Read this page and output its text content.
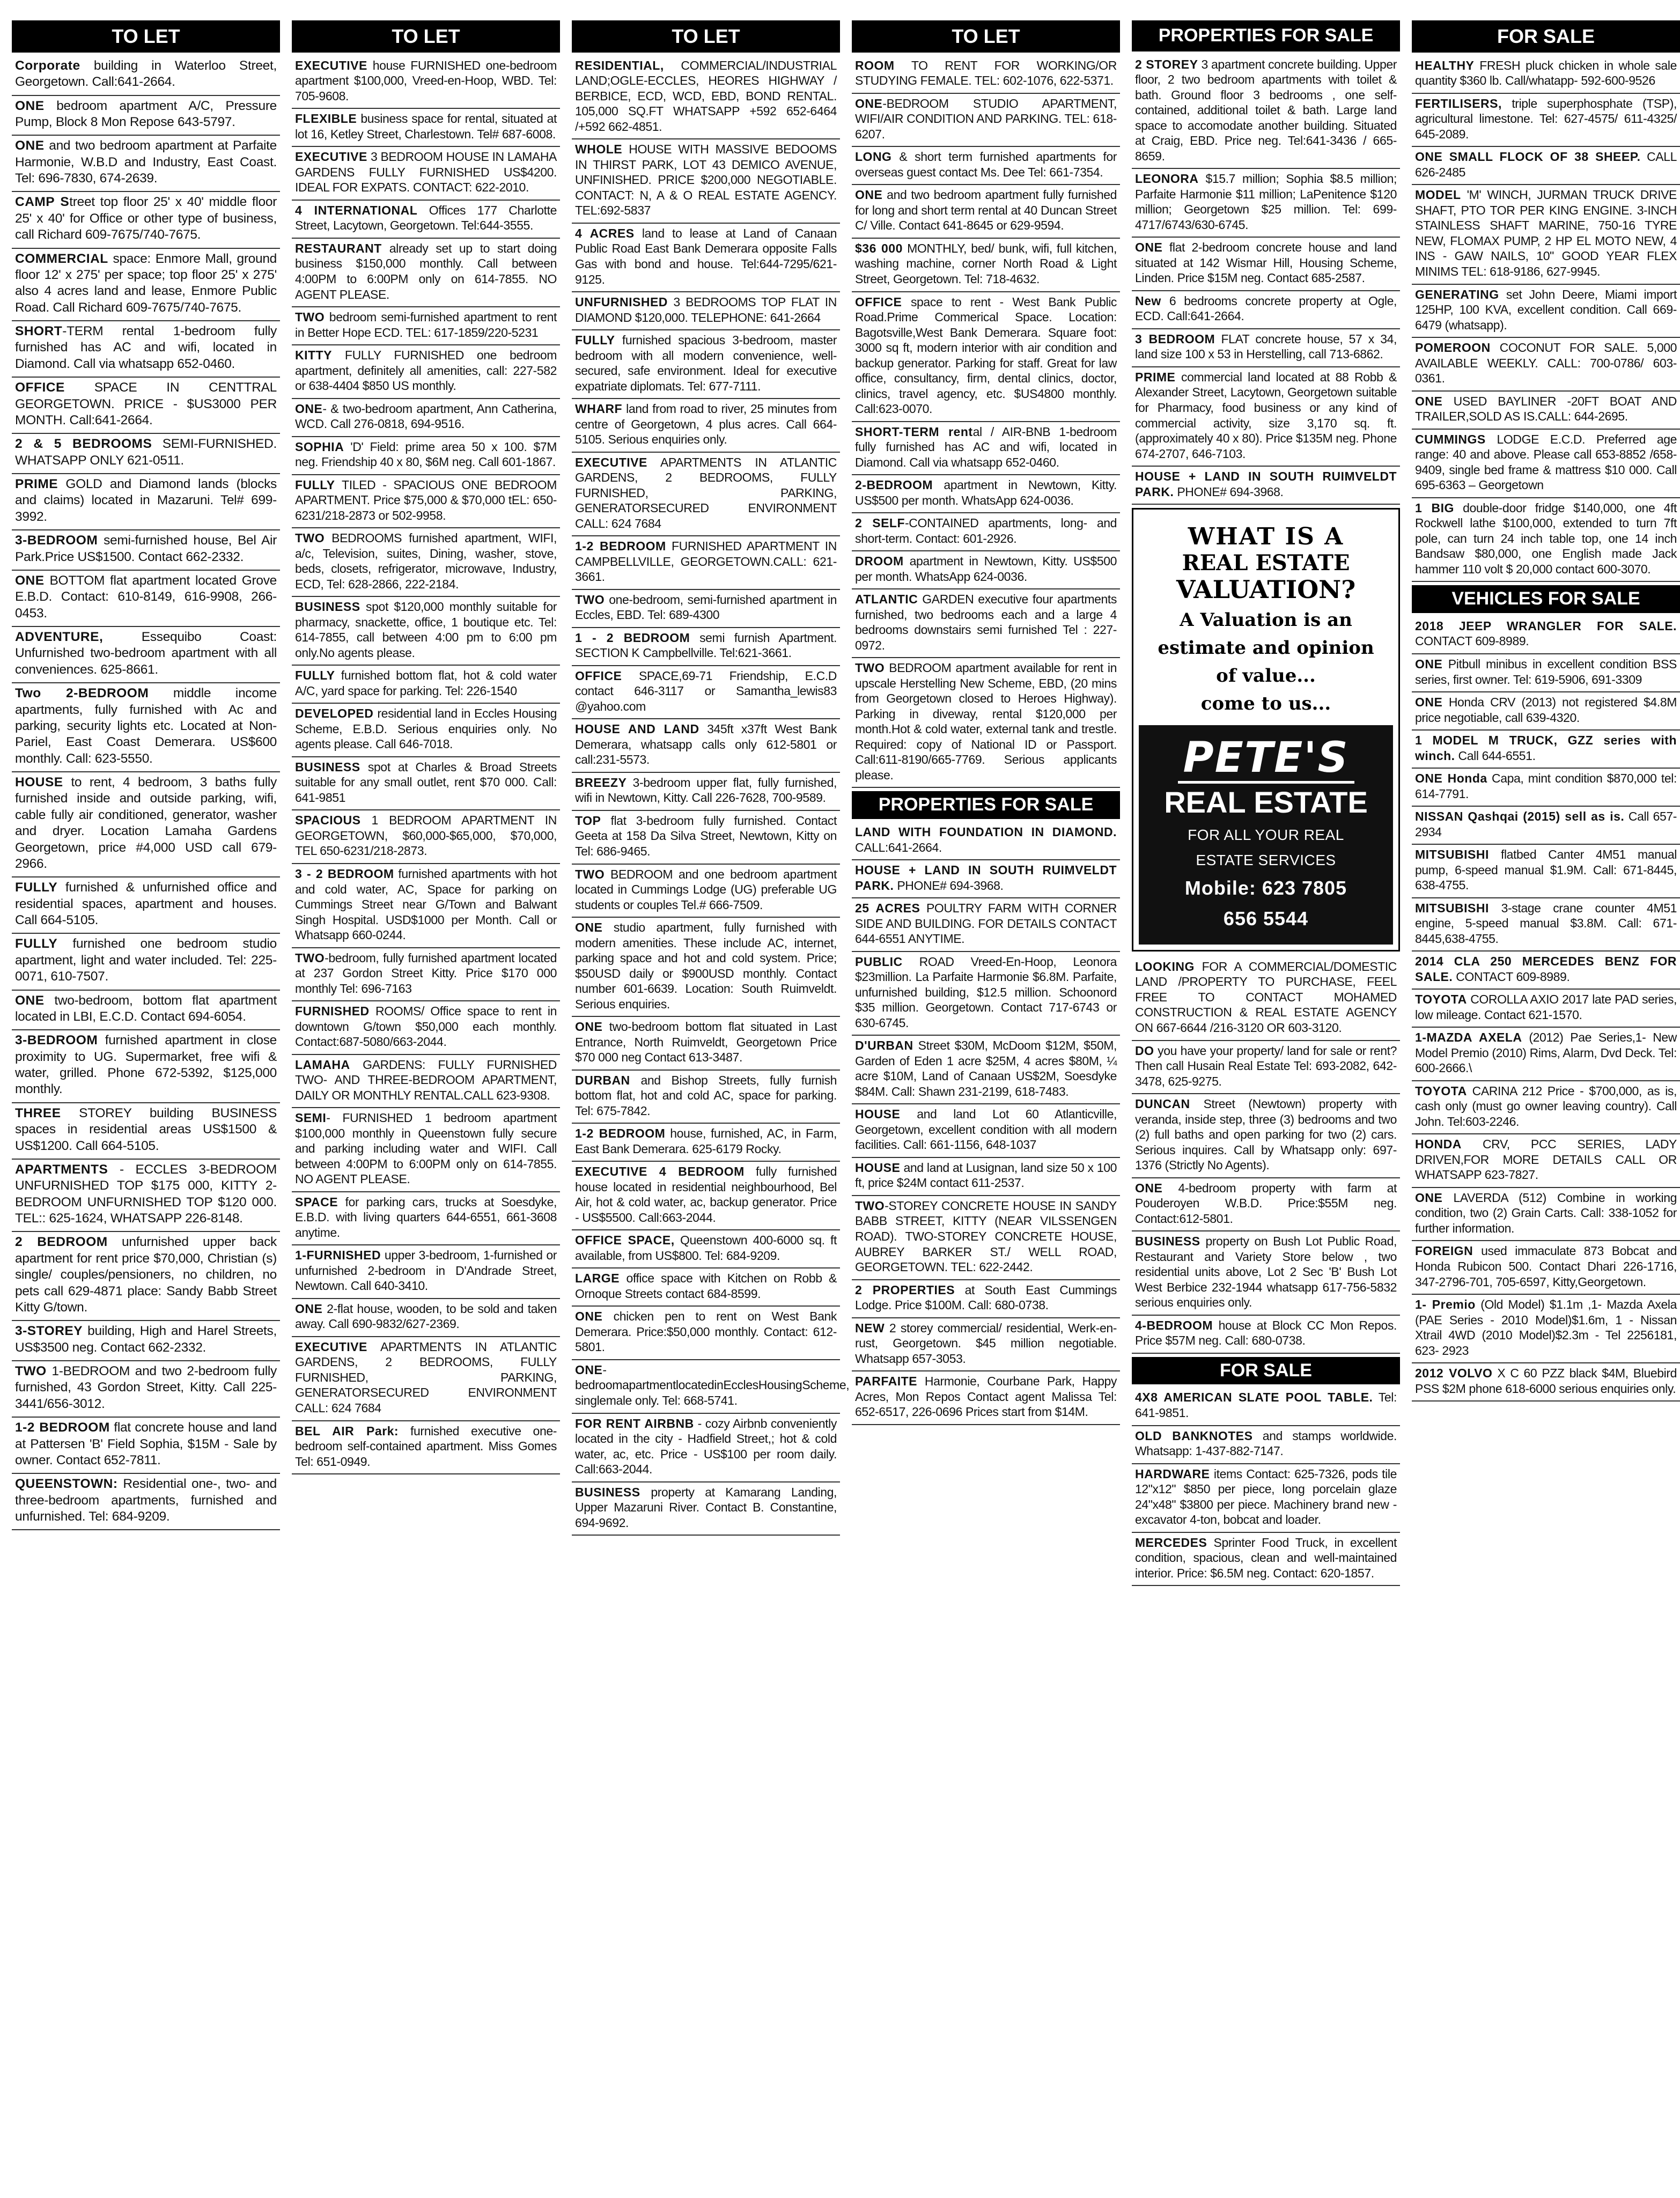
TO LET
Corporate building in Waterloo Street, Georgetown. Call:641-2664.
ONE bedroom apartment A/C, Pressure Pump, Block 8 Mon Repose 643-5797.
ONE and two bedroom apartment at Parfaite Harmonie, W.B.D and Industry, East Coast. Tel: 696-7830, 674-2639.
CAMP Street top floor 25' x 40' middle floor 25' x 40' for Office or other type of business, call Richard 609-7675/740-7675.
COMMERCIAL space: Enmore Mall, ground floor 12' x 275' per space; top floor 25' x 275' also 4 acres land and lease, Enmore Public Road. Call Richard 609-7675/740-7675.
SHORT-TERM rental 1-bedroom fully furnished has AC and wifi, located in Diamond. Call via whatsapp 652-0460.
OFFICE SPACE IN CENTTRAL GEORGETOWN. PRICE - $US3000 PER MONTH. Call:641-2664.
2 & 5 BEDROOMS SEMI-FURNISHED. WHATSAPP ONLY 621-0511.
PRIME GOLD and Diamond lands (blocks and claims) located in Mazaruni. Tel# 699-3992.
3-BEDROOM semi-furnished house, Bel Air Park.Price US$1500. Contact 662-2332.
ONE BOTTOM flat apartment located Grove E.B.D. Contact: 610-8149, 616-9908, 266-0453.
ADVENTURE, Essequibo Coast: Unfurnished two-bedroom apartment with all conveniences. 625-8661.
Two 2-BEDROOM middle income apartments, fully furnished with Ac and parking, security lights etc. Located at Non-Pariel, East Coast Demerara. US$600 monthly. Call: 623-5550.
HOUSE to rent, 4 bedroom, 3 baths fully furnished inside and outside parking, wifi, cable fully air conditioned, generator, washer and dryer. Location Lamaha Gardens Georgetown, price #4,000 USD call 679-2966.
FULLY furnished & unfurnished office and residential spaces, apartment and houses. Call 664-5105.
FULLY furnished one bedroom studio apartment, light and water included. Tel: 225-0071, 610-7507.
ONE two-bedroom, bottom flat apartment located in LBI, E.C.D. Contact 694-6054.
3-BEDROOM furnished apartment in close proximity to UG. Supermarket, free wifi & water, grilled. Phone 672-5392, $125,000 monthly.
THREE STOREY building BUSINESS spaces in residential areas US$1500 & US$1200. Call 664-5105.
APARTMENTS - ECCLES 3-BEDROOM UNFURNISHED TOP $175 000, KITTY 2-BEDROOM UNFURNISHED TOP $120 000. TEL:: 625-1624, WHATSAPP 226-8148.
2 BEDROOM unfurnished upper back apartment for rent price $70,000, Christian (s) single/ couples/pensioners, no children, no pets call 629-4871 place: Sandy Babb Street Kitty G/town.
3-STOREY building, High and Harel Streets, US$3500 neg. Contact 662-2332.
TWO 1-BEDROOM and two 2-bedroom fully furnished, 43 Gordon Street, Kitty. Call 225-3441/656-3012.
1-2 BEDROOM flat concrete house and land at Pattersen 'B' Field Sophia, $15M - Sale by owner. Contact 652-7811.
QUEENSTOWN: Residential one-, two- and three-bedroom apartments, furnished and unfurnished. Tel: 684-9209.
TO LET
EXECUTIVE house FURNISHED one-bedroom apartment $100,000, Vreed-en-Hoop, WBD. Tel: 705-9608.
FLEXIBLE business space for rental, situated at lot 16, Ketley Street, Charlestown. Tel# 687-6008.
EXECUTIVE 3 BEDROOM HOUSE IN LAMAHA GARDENS FULLY FURNISHED US$4200. IDEAL FOR EXPATS. CONTACT: 622-2010.
4 INTERNATIONAL Offices 177 Charlotte Street, Lacytown, Georgetown. Tel:644-3555.
RESTAURANT already set up to start doing business $150,000 monthly. Call between 4:00PM to 6:00PM only on 614-7855. NO AGENT PLEASE.
TWO bedroom semi-furnished apartment to rent in Better Hope ECD. TEL: 617-1859/220-5231
KITTY FULLY FURNISHED one bedroom apartment, definitely all amenities, call: 227-582 or 638-4404 $850 US monthly.
ONE- & two-bedroom apartment, Ann Catherina, WCD. Call 276-0818, 694-9516.
SOPHIA 'D' Field: prime area 50 x 100. $7M neg. Friendship 40 x 80, $6M neg. Call 601-1867.
FULLY TILED - SPACIOUS ONE BEDROOM APARTMENT. Price $75,000 & $70,000 tEL: 650-6231/218-2873 or 502-9958.
TWO BEDROOMS furnished apartment, WIFI, a/c, Television, suites, Dining, washer, stove, beds, closets, refrigerator, microwave, Industry, ECD, Tel: 628-2866, 222-2184.
BUSINESS spot $120,000 monthly suitable for pharmacy, snackette, office, 1 boutique etc. Tel: 614-7855, call between 4:00 pm to 6:00 pm only.No agents please.
FULLY furnished bottom flat, hot & cold water A/C, yard space for parking. Tel: 226-1540
DEVELOPED residential land in Eccles Housing Scheme, E.B.D. Serious enquiries only. No agents please. Call 646-7018.
BUSINESS spot at Charles & Broad Streets suitable for any small outlet, rent $70 000. Call: 641-9851
SPACIOUS 1 BEDROOM APARTMENT IN GEORGETOWN, $60,000-$65,000, $70,000, TEL 650-6231/218-2873.
3 - 2 BEDROOM furnished apartments with hot and cold water, AC, Space for parking on Cummings Street near G/Town and Balwant Singh Hospital. USD$1000 per Month. Call or Whatsapp 660-0244.
TWO-bedroom, fully furnished apartment located at 237 Gordon Street Kitty. Price $170 000 monthly Tel: 696-7163
FURNISHED ROOMS/ Office space to rent in downtown G/town $50,000 each monthly. Contact:687-5080/663-2044.
LAMAHA GARDENS: FULLY FURNISHED TWO- AND THREE-BEDROOM APARTMENT, DAILY OR MONTHLY RENTAL.CALL 623-9308.
SEMI- FURNISHED 1 bedroom apartment $100,000 monthly in Queenstown fully secure and parking including water and WIFI. Call between 4:00PM to 6:00PM only on 614-7855. NO AGENT PLEASE.
SPACE for parking cars, trucks at Soesdyke, E.B.D. with living quarters 644-6551, 661-3608 anytime.
1-FURNISHED upper 3-bedroom, 1-furnished or unfurnished 2-bedroom in D'Andrade Street, Newtown. Call 640-3410.
ONE 2-flat house, wooden, to be sold and taken away. Call 690-9832/627-2369.
EXECUTIVE APARTMENTS IN ATLANTIC GARDENS, 2 BEDROOMS, FULLY FURNISHED, PARKING, GENERATORSECURED ENVIRONMENT CALL: 624 7684
BEL AIR Park: furnished executive one-bedroom self-contained apartment. Miss Gomes Tel: 651-0949.
TO LET
RESIDENTIAL, COMMERCIAL/INDUSTRIAL LAND;OGLE-ECCLES, HEORES HIGHWAY / BERBICE, ECD, WCD, EBD, BOND RENTAL. 105,000 SQ.FT WHATSAPP +592 652-6464 /+592 662-4851.
WHOLE HOUSE WITH MASSIVE BEDOOMS IN THIRST PARK, LOT 43 DEMICO AVENUE, UNFINISHED. PRICE $200,000 NEGOTIABLE. CONTACT: N, A & O REAL ESTATE AGENCY. TEL:692-5837
4 ACRES land to lease at Land of Canaan Public Road East Bank Demerara opposite Falls Gas with bond and house. Tel:644-7295/621-9125.
UNFURNISHED 3 BEDROOMS TOP FLAT IN DIAMOND $120,000. TELEPHONE: 641-2664
FULLY furnished spacious 3-bedroom, master bedroom with all modern convenience, well-secured, safe environment. Ideal for executive expatriate diplomats. Tel: 677-7111.
WHARF land from road to river, 25 minutes from centre of Georgetown, 4 plus acres. Call 664-5105. Serious enquiries only.
EXECUTIVE APARTMENTS IN ATLANTIC GARDENS, 2 BEDROOMS, FULLY FURNISHED, PARKING, GENERATORSECURED ENVIRONMENT CALL: 624 7684
1-2 BEDROOM FURNISHED APARTMENT IN CAMPBELLVILLE, GEORGETOWN.CALL: 621-3661.
TWO one-bedroom, semi-furnished apartment in Eccles, EBD. Tel: 689-4300
1 - 2 BEDROOM semi furnish Apartment. SECTION K Campbellville. Tel:621-3661.
OFFICE SPACE,69-71 Friendship, E.C.D contact 646-3117 or Samantha_lewis83 @yahoo.com
HOUSE AND LAND 345ft x37ft West Bank Demerara, whatsapp calls only 612-5801 or call:231-5573.
BREEZY 3-bedroom upper flat, fully furnished, wifi in Newtown, Kitty. Call 226-7628, 700-9589.
TOP flat 3-bedroom fully furnished. Contact Geeta at 158 Da Silva Street, Newtown, Kitty on Tel: 686-9465.
TWO BEDROOM and one bedroom apartment located in Cummings Lodge (UG) preferable UG students or couples Tel.# 666-7509.
ONE studio apartment, fully furnished with modern amenities. These include AC, internet, parking space and hot and cold system. Price; $50USD daily or $900USD monthly. Contact number 601-6639. Location: South Ruimveldt. Serious enquiries.
ONE two-bedroom bottom flat situated in Last Entrance, North Ruimveldt, Georgetown Price $70 000 neg Contact 613-3487.
DURBAN and Bishop Streets, fully furnish bottom flat, hot and cold AC, space for parking. Tel: 675-7842.
1-2 BEDROOM house, furnished, AC, in Farm, East Bank Demerara. 625-6179 Rocky.
EXECUTIVE 4 BEDROOM fully furnished house located in residential neighbourhood, Bel Air, hot & cold water, ac, backup generator. Price - US$5500. Call:663-2044.
OFFICE SPACE, Queenstown 400-6000 sq. ft available, from US$800. Tel: 684-9209.
LARGE office space with Kitchen on Robb & Ornoque Streets contact 684-8599.
ONE chicken pen to rent on West Bank Demerara. Price:$50,000 monthly. Contact: 612-5801.
ONE-bedroomapartmentlocatedinEcclesHousingScheme, singlemale only. Tel: 668-5741.
FOR RENT AIRBNB - cozy Airbnb conveniently located in the city - Hadfield Street,; hot & cold water, ac, etc. Price - US$100 per room daily. Call:663-2044.
BUSINESS property at Kamarang Landing, Upper Mazaruni River. Contact B. Constantine, 694-9692.
TO LET
ROOM TO RENT FOR WORKING/OR STUDYING FEMALE. TEL: 602-1076, 622-5371.
ONE-BEDROOM STUDIO APARTMENT, WIFI/AIR CONDITION AND PARKING. TEL: 618-6207.
LONG & short term furnished apartments for overseas guest contact Ms. Dee Tel: 661-7354.
ONE and two bedroom apartment fully furnished for long and short term rental at 40 Duncan Street C/ Ville. Contact 641-8645 or 629-9594.
$36 000 MONTHLY, bed/ bunk, wifi, full kitchen, washing machine, corner North Road & Light Street, Georgetown. Tel: 718-4632.
OFFICE space to rent - West Bank Public Road.Prime Commerical Space. Location: Bagotsville,West Bank Demerara. Square foot: 3000 sq ft, modern interior with air condition and backup generator. Parking for staff. Great for law office, consultancy, firm, dental clinics, doctor, clinics, travel agency, etc. $US4800 monthly. Call:623-0070.
SHORT-TERM rental / AIR-BNB 1-bedroom fully furnished has AC and wifi, located in Diamond. Call via whatsapp 652-0460.
2-BEDROOM apartment in Newtown, Kitty. US$500 per month. WhatsApp 624-0036.
2 SELF-CONTAINED apartments, long- and short-term. Contact: 601-2926.
DROOM apartment in Newtown, Kitty. US$500 per month. WhatsApp 624-0036.
ATLANTIC GARDEN executive four apartments furnished, two bedrooms each and a large 4 bedrooms downstairs semi furnished Tel : 227-0972.
TWO BEDROOM apartment available for rent in upscale Herstelling New Scheme, EBD, (20 mins from Georgetown closed to Heroes Highway). Parking in diveway, rental $120,000 per month.Hot & cold water, external tank and trestle. Required: copy of National ID or Passport. Call:611-8190/665-7769. Serious applicants please.
PROPERTIES FOR SALE
LAND WITH FOUNDATION IN DIAMOND. CALL:641-2664.
HOUSE + LAND IN SOUTH RUIMVELDT PARK. PHONE# 694-3968.
25 ACRES POULTRY FARM WITH CORNER SIDE AND BUILDING. FOR DETAILS CONTACT 644-6551 ANYTIME.
PUBLIC ROAD Vreed-En-Hoop, Leonora $23million. La Parfaite Harmonie $6.8M. Parfaite, unfurnished building, $12.5 million. Schoonord $35 million. Georgetown. Contact 717-6743 or 630-6745.
D'URBAN Street $30M, McDoom $12M, $50M, Garden of Eden 1 acre $25M, 4 acres $80M, ¼ acre $10M, Land of Canaan US$2M, Soesdyke $84M. Call: Shawn 231-2199, 618-7483.
HOUSE and land Lot 60 Atlanticville, Georgetown, excellent condition with all modern facilities. Call: 661-1156, 648-1037
HOUSE and land at Lusignan, land size 50 x 100 ft, price $24M contact 611-2537.
TWO-STOREY CONCRETE HOUSE IN SANDY BABB STREET, KITTY (NEAR VILSSENGEN ROAD). TWO-STOREY CONCRETE HOUSE, AUBREY BARKER ST./ WELL ROAD, GEORGETOWN. TEL: 622-2442.
2 PROPERTIES at South East Cummings Lodge. Price $100M. Call: 680-0738.
NEW 2 storey commercial/ residential, Werk-en-rust, Georgetown. $45 million negotiable. Whatsapp 657-3053.
PARFAITE Harmonie, Courbane Park, Happy Acres, Mon Repos Contact agent Malissa Tel: 652-6517, 226-0696 Prices start from $14M.
PROPERTIES FOR SALE
2 STOREY 3 apartment concrete building. Upper floor, 2 two bedroom apartments with toilet & bath. Ground floor 3 bedrooms , one self-contained, additional toilet & bath. Large land space to accomodate another building. Situated at Craig, EBD. Price neg. Tel:641-3436 / 665-8659.
LEONORA $15.7 million; Sophia $8.5 million; Parfaite Harmonie $11 million; LaPenitence $120 million; Georgetown $25 million. Tel: 699-4717/6743/630-6745.
ONE flat 2-bedroom concrete house and land situated at 142 Wismar Hill, Housing Scheme, Linden. Price $15M neg. Contact 685-2587.
New 6 bedrooms concrete property at Ogle, ECD. Call:641-2664.
3 BEDROOM FLAT concrete house, 57 x 34, land size 100 x 53 in Herstelling, call 713-6862.
PRIME commercial land located at 88 Robb & Alexander Street, Lacytown, Georgetown suitable for Pharmacy, food business or any kind of commercial activity, size 3,170 sq. ft. (approximately 40 x 80). Price $135M neg. Phone 674-2707, 646-7103.
HOUSE + LAND IN SOUTH RUIMVELDT PARK. PHONE# 694-3968.
WHAT IS A
REAL ESTATE
VALUATION?
A Valuation is an
estimate and opinion
of value...
come to us...
PETE'S
REAL ESTATE
FOR ALL YOUR REAL
ESTATE SERVICES
Mobile: 623 7805
656 5544
LOOKING FOR A COMMERCIAL/DOMESTIC LAND /PROPERTY TO PURCHASE, FEEL FREE TO CONTACT MOHAMED CONSTRUCTION & REAL ESTATE AGENCY ON 667-6644 /216-3120 OR 603-3120.
DO you have your property/ land for sale or rent? Then call Husain Real Estate Tel: 693-2082, 642-3478, 625-9275.
DUNCAN Street (Newtown) property with veranda, inside step, three (3) bedrooms and two (2) full baths and open parking for two (2) cars. Serious inquires. Call by Whatsapp only: 697-1376 (Strictly No Agents).
ONE 4-bedroom property with farm at Pouderoyen W.B.D. Price:$55M neg. Contact:612-5801.
BUSINESS property on Bush Lot Public Road, Restaurant and Variety Store below , two residential units above, Lot 2 Sec 'B' Bush Lot West Berbice 232-1944 whatsapp 617-756-5832 serious enquiries only.
4-BEDROOM house at Block CC Mon Repos. Price $57M neg. Call: 680-0738.
FOR SALE
4X8 AMERICAN SLATE POOL TABLE. Tel: 641-9851.
OLD BANKNOTES and stamps worldwide. Whatsapp: 1-437-882-7147.
HARDWARE items Contact: 625-7326, pods tile 12"x12" $850 per piece, long porcelain glaze 24"x48" $3800 per piece. Machinery brand new - excavator 4-ton, bobcat and loader.
MERCEDES Sprinter Food Truck, in excellent condition, spacious, clean and well-maintained interior. Price: $6.5M neg. Contact: 620-1857.
FOR SALE
HEALTHY FRESH pluck chicken in whole sale quantity $360 lb. Call/whatapp- 592-600-9526
FERTILISERS, triple superphosphate (TSP), agricultural limestone. Tel: 627-4575/ 611-4325/ 645-2089.
ONE SMALL FLOCK OF 38 SHEEP. CALL 626-2485
MODEL 'M' WINCH, JURMAN TRUCK DRIVE SHAFT, PTO TOR PER KING ENGINE. 3-INCH STAINLESS SHAFT MARINE, 750-16 TYRE NEW, FLOMAX PUMP, 2 HP EL MOTO NEW, 4 INS - GAW NAILS, 10" GOOD YEAR FLEX MINIMS TEL: 618-9186, 627-9945.
GENERATING set John Deere, Miami import 125HP, 100 KVA, excellent condition. Call 669-6479 (whatsapp).
POMEROON COCONUT FOR SALE. 5,000 AVAILABLE WEEKLY. CALL: 700-0786/ 603-0361.
ONE USED BAYLINER -20FT BOAT AND TRAILER,SOLD AS IS.CALL: 644-2695.
CUMMINGS LODGE E.C.D. Preferred age range: 40 and above. Please call 653-8852 /658-9409, single bed frame & mattress $10 000. Call 695-6363 – Georgetown
1 BIG double-door fridge $140,000, one 4ft Rockwell lathe $100,000, extended to turn 7ft pole, can turn 24 inch table top, one 14 inch Bandsaw $80,000, one English made Jack hammer 110 volt $ 20,000 contact 600-3070.
VEHICLES FOR SALE
2018 JEEP WRANGLER FOR SALE. CONTACT 609-8989.
ONE Pitbull minibus in excellent condition BSS series, first owner. Tel: 619-5906, 691-3309
ONE Honda CRV (2013) not registered $4.8M price negotiable, call 639-4320.
1 MODEL M TRUCK, GZZ series with winch. Call 644-6551.
ONE Honda Capa, mint condition $870,000 tel: 614-7791.
NISSAN Qashqai (2015) sell as is. Call 657-2934
MITSUBISHI flatbed Canter 4M51 manual pump, 6-speed manual $1.9M. Call: 671-8445, 638-4755.
MITSUBISHI 3-stage crane counter 4M51 engine, 5-speed manual $3.8M. Call: 671-8445,638-4755.
2014 CLA 250 MERCEDES BENZ FOR SALE. CONTACT 609-8989.
TOYOTA COROLLA AXIO 2017 late PAD series, low mileage. Contact 621-1570.
1-MAZDA AXELA (2012) Pae Series,1- New Model Premio (2010) Rims, Alarm, Dvd Deck. Tel: 600-2666.\
TOYOTA CARINA 212 Price - $700,000, as is, cash only (must go owner leaving country). Call John. Tel:603-2246.
HONDA CRV, PCC SERIES, LADY DRIVEN,FOR MORE DETAILS CALL OR WHATSAPP 623-7827.
ONE LAVERDA (512) Combine in working condition, two (2) Grain Carts. Call: 338-1052 for further information.
FOREIGN used immaculate 873 Bobcat and Honda Rubicon 500. Contact Dhari 226-1716, 347-2796-701, 705-6597, Kitty,Georgetown.
1- Premio (Old Model) $1.1m ,1- Mazda Axela (PAE Series - 2010 Model)$1.6m, 1 - Nissan Xtrail 4WD (2010 Model)$2.3m - Tel 2256181, 623- 2923
2012 VOLVO X C 60 PZZ black $4M, Bluebird PSS $2M phone 618-6000 serious enquiries only.
